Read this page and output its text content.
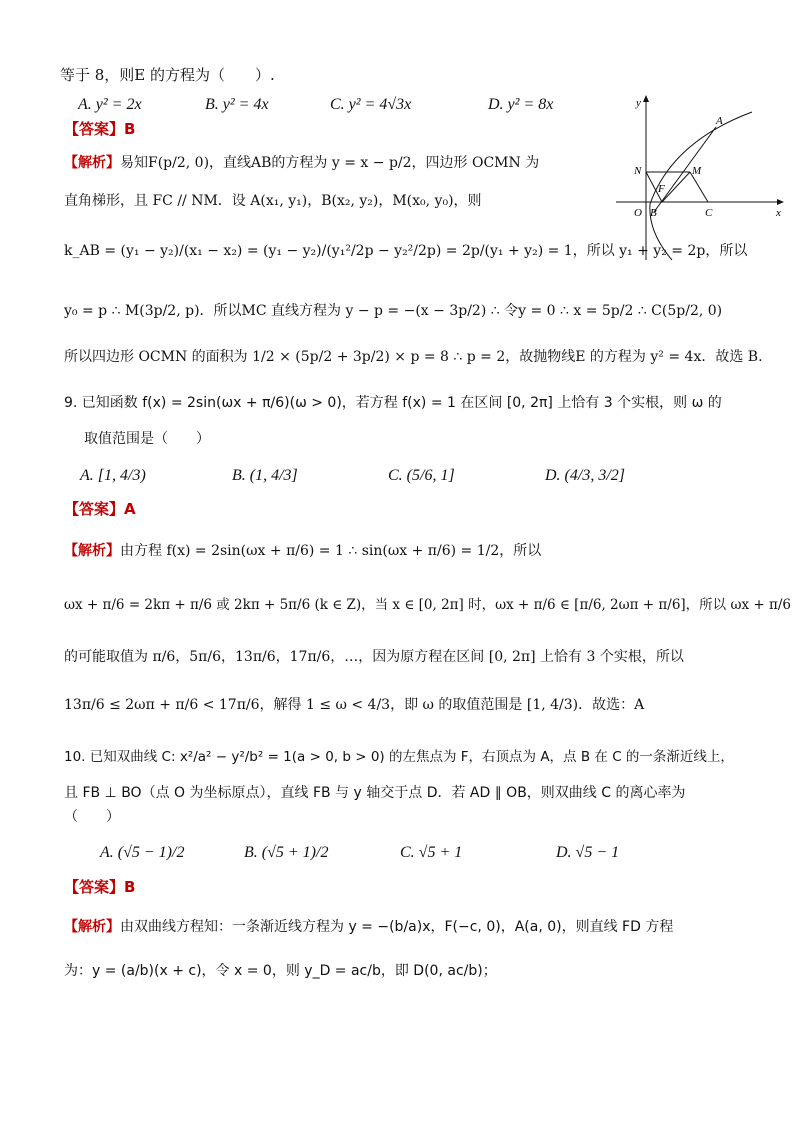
等于 8，则E 的方程为（　　）.
A. y² = 2x	B. y² = 4x	C. y² = 4√3x	D. y² = 8x
【答案】B
【解析】易知F(p/2, 0)，直线AB的方程为 y = x − p/2，四边形 OCMN 为
直角梯形，且 FC // NM．设 A(x₁, y₁)，B(x₂, y₂)，M(x₀, y₀)，则
k_AB = (y₁ − y₂)/(x₁ − x₂) = (y₁ − y₂)/(y₁²/2p − y₂²/2p) = 2p/(y₁ + y₂) = 1，所以 y₁ + y₂ = 2p，所以
y₀ = p ∴ M(3p/2, p)．所以MC 直线方程为 y − p = −(x − 3p/2) ∴ 令y = 0 ∴ x = 5p/2 ∴ C(5p/2, 0)
所以四边形 OCMN 的面积为 1/2 × (5p/2 + 3p/2) × p = 8 ∴ p = 2，故抛物线E 的方程为 y² = 4x．故选 B.
y
x
O
A
B	C
M
N
F
9. 已知函数 f(x) = 2sin(ωx + π/6)(ω > 0)，若方程 f(x) = 1 在区间 [0, 2π] 上恰有 3 个实根，则 ω 的
取值范围是（　　）
A. [1, 4/3)	B. (1, 4/3]	C. (5/6, 1]	D. (4/3, 3/2]
【答案】A
【解析】由方程 f(x) = 2sin(ωx + π/6) = 1 ∴ sin(ωx + π/6) = 1/2，所以
ωx + π/6 = 2kπ + π/6 或 2kπ + 5π/6 (k ∈ Z)，当 x ∈ [0, 2π] 时，ωx + π/6 ∈ [π/6, 2ωπ + π/6]，所以 ωx + π/6
的可能取值为 π/6，5π/6，13π/6，17π/6，…，因为原方程在区间 [0, 2π] 上恰有 3 个实根，所以
13π/6 ≤ 2ωπ + π/6 < 17π/6，解得 1 ≤ ω < 4/3，即 ω 的取值范围是 [1, 4/3)．故选：A
10. 已知双曲线 C: x²/a² − y²/b² = 1(a > 0, b > 0) 的左焦点为 F，右顶点为 A，点 B 在 C 的一条渐近线上，
且 FB ⊥ BO（点 O 为坐标原点），直线 FB 与 y 轴交于点 D．若 AD ∥ OB，则双曲线 C 的离心率为
（　　）
A. (√5 − 1)/2	B. (√5 + 1)/2	C. √5 + 1	D. √5 − 1
【答案】B
【解析】由双曲线方程知：一条渐近线方程为 y = −(b/a)x，F(−c, 0)，A(a, 0)，则直线 FD 方程
为：y = (a/b)(x + c)，令 x = 0，则 y_D = ac/b，即 D(0, ac/b)；
